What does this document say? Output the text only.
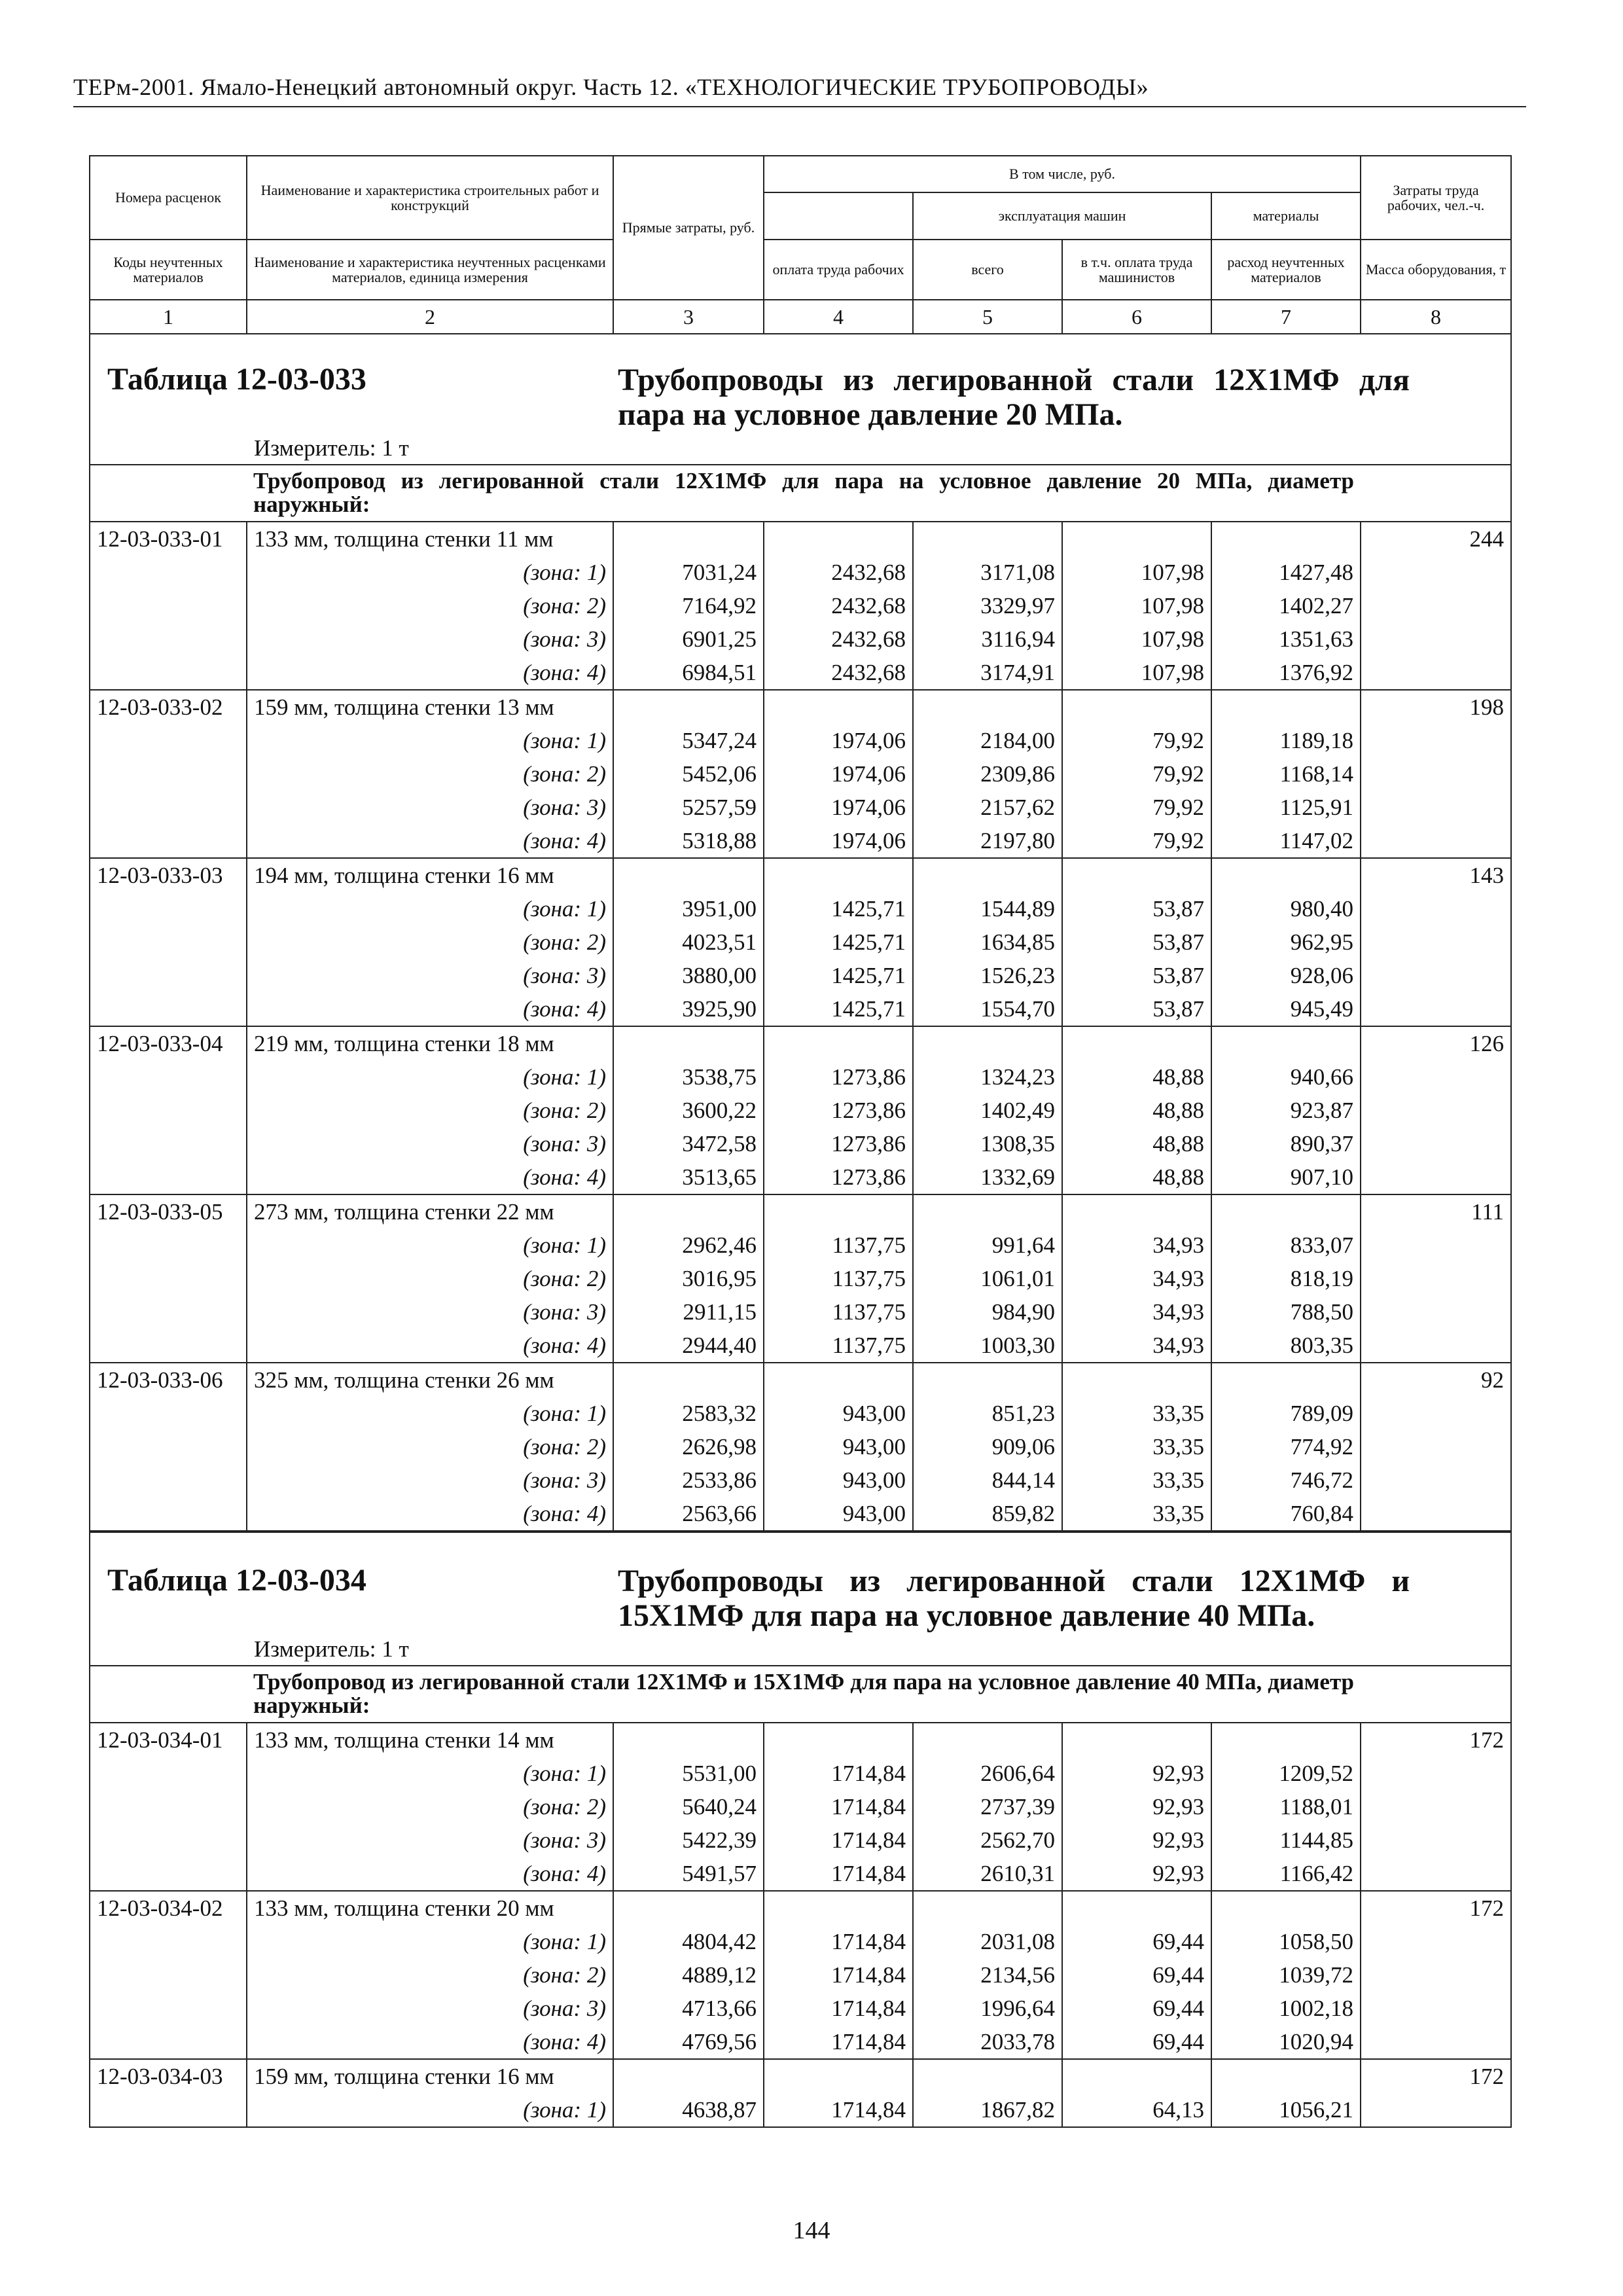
ТЕРм-2001. Ямало-Ненецкий автономный округ. Часть 12. «ТЕХНОЛОГИЧЕСКИЕ ТРУБОПРОВОДЫ»
Номера расценок	Наименование и характеристика строительных работ и конструкций	Прямые затраты, руб.	В том числе, руб.				Затраты труда рабочих, чел.-ч.
				эксплуатация машин		материалы	
Коды неучтенных материалов	Наименование и характеристика неучтенных расценками материалов, единица измерения		оплата труда рабочих	всего	в т.ч. оплата труда машинистов	расход неучтенных материалов	Масса оборудования, т
1	2	3	4	5	6	7	8

Таблица 12-03-033 Трубопроводы из легированной стали 12Х1МФ для пара на условное давление 20 МПа.
Измеритель: 1 т							

	Трубопровод из легированной стали 12Х1МФ для пара на условное давление 20 МПа, диаметр наружный:						
12-03-033-01	133 мм, толщина стенки 11 мм						244
	(зона: 1)	7031,24	2432,68	3171,08	107,98	1427,48	
	(зона: 2)	7164,92	2432,68	3329,97	107,98	1402,27	
	(зона: 3)	6901,25	2432,68	3116,94	107,98	1351,63	
	(зона: 4)	6984,51	2432,68	3174,91	107,98	1376,92	
12-03-033-02	159 мм, толщина стенки 13 мм						198
	(зона: 1)	5347,24	1974,06	2184,00	79,92	1189,18	
	(зона: 2)	5452,06	1974,06	2309,86	79,92	1168,14	
	(зона: 3)	5257,59	1974,06	2157,62	79,92	1125,91	
	(зона: 4)	5318,88	1974,06	2197,80	79,92	1147,02	
12-03-033-03	194 мм, толщина стенки 16 мм						143
	(зона: 1)	3951,00	1425,71	1544,89	53,87	980,40	
	(зона: 2)	4023,51	1425,71	1634,85	53,87	962,95	
	(зона: 3)	3880,00	1425,71	1526,23	53,87	928,06	
	(зона: 4)	3925,90	1425,71	1554,70	53,87	945,49	
12-03-033-04	219 мм, толщина стенки 18 мм						126
	(зона: 1)	3538,75	1273,86	1324,23	48,88	940,66	
	(зона: 2)	3600,22	1273,86	1402,49	48,88	923,87	
	(зона: 3)	3472,58	1273,86	1308,35	48,88	890,37	
	(зона: 4)	3513,65	1273,86	1332,69	48,88	907,10	
12-03-033-05	273 мм, толщина стенки 22 мм						111
	(зона: 1)	2962,46	1137,75	991,64	34,93	833,07	
	(зона: 2)	3016,95	1137,75	1061,01	34,93	818,19	
	(зона: 3)	2911,15	1137,75	984,90	34,93	788,50	
	(зона: 4)	2944,40	1137,75	1003,30	34,93	803,35	
12-03-033-06	325 мм, толщина стенки 26 мм						92
	(зона: 1)	2583,32	943,00	851,23	33,35	789,09	
	(зона: 2)	2626,98	943,00	909,06	33,35	774,92	
	(зона: 3)	2533,86	943,00	844,14	33,35	746,72	
	(зона: 4)	2563,66	943,00	859,82	33,35	760,84	

Таблица 12-03-034 Трубопроводы из легированной стали 12Х1МФ и 15Х1МФ для пара на условное давление 40 МПа.
Измеритель: 1 т							

	Трубопровод из легированной стали 12Х1МФ и 15Х1МФ для пара на условное давление 40 МПа, диаметр наружный:						
12-03-034-01	133 мм, толщина стенки 14 мм						172
	(зона: 1)	5531,00	1714,84	2606,64	92,93	1209,52	
	(зона: 2)	5640,24	1714,84	2737,39	92,93	1188,01	
	(зона: 3)	5422,39	1714,84	2562,70	92,93	1144,85	
	(зона: 4)	5491,57	1714,84	2610,31	92,93	1166,42	
12-03-034-02	133 мм, толщина стенки 20 мм						172
	(зона: 1)	4804,42	1714,84	2031,08	69,44	1058,50	
	(зона: 2)	4889,12	1714,84	2134,56	69,44	1039,72	
	(зона: 3)	4713,66	1714,84	1996,64	69,44	1002,18	
	(зона: 4)	4769,56	1714,84	2033,78	69,44	1020,94	
12-03-034-03	159 мм, толщина стенки 16 мм						172
	(зона: 1)	4638,87	1714,84	1867,82	64,13	1056,21	

144
